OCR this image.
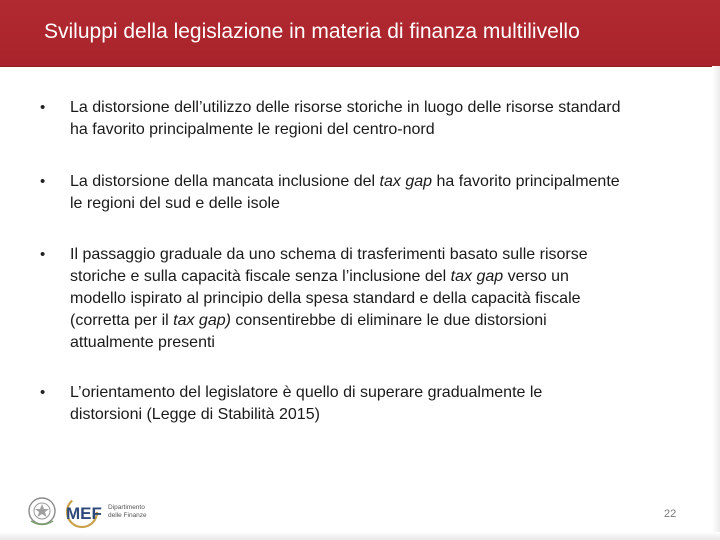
Sviluppi della legislazione in materia di finanza multilivello
• La distorsione dell’utilizzo delle risorse storiche in luogo delle risorse standard
ha favorito principalmente le regioni del centro-nord
• La distorsione della mancata inclusione del tax gap ha favorito principalmente
le regioni del sud e delle isole
• Il passaggio graduale da uno schema di trasferimenti basato sulle risorse
storiche e sulla capacità fiscale senza l’inclusione del tax gap verso un
modello ispirato al principio della spesa standard e della capacità fiscale
(corretta per il tax gap) consentirebbe di eliminare le due distorsioni
attualmente presenti
• L’orientamento del legislatore è quello di superare gradualmente le
distorsioni (Legge di Stabilità 2015)
MEF Dipartimento
delle Finanze	22
